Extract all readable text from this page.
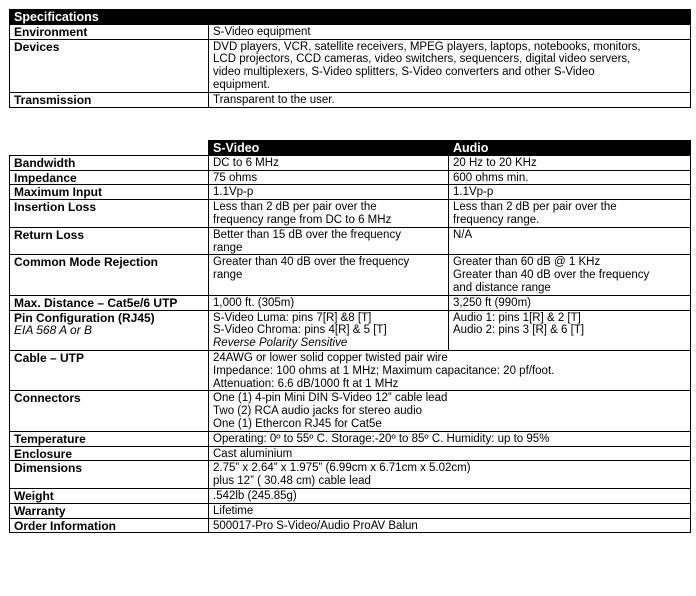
Specifications	
Environment	S-Video equipment
Devices	DVD players, VCR, satellite receivers, MPEG players, laptops, notebooks, monitors,
LCD projectors, CCD cameras, video switchers, sequencers, digital video servers,
video multiplexers, S-Video splitters, S-Video converters and other S-Video
equipment.

Transmission	Transparent to the user.
	S-Video	Audio

Bandwidth	DC to 6 MHz	20 Hz to 20 KHz

Impedance	75 ohms	600 ohms min.

Maximum Input	1.1Vp-p	1.1Vp-p

Insertion Loss	Less than 2 dB per pair over the
frequency range from DC to 6 MHz	Less than 2 dB per pair over the
frequency range.

Return Loss	Better than 15 dB over the frequency
range	N/A

Common Mode Rejection	Greater than 40 dB over the frequency
range	Greater than 60 dB @ 1 KHz
Greater than 40 dB over the frequency
and distance range

Max. Distance – Cat5e/6 UTP	1,000 ft. (305m)	3,250 ft (990m)

Pin Configuration (RJ45)
EIA 568 A or B	S-Video Luma: pins 7[R] &8 [T]
S-Video Chroma: pins 4[R] & 5 [T]
Reverse Polarity Sensitive	Audio 1: pins 1[R] & 2 [T]
Audio 2: pins 3 [R] & 6 [T]

Cable – UTP	24AWG or lower solid copper twisted pair wire
Impedance: 100 ohms at 1 MHz; Maximum capacitance: 20 pf/foot.
Attenuation: 6.6 dB/1000 ft at 1 MHz	

Connectors	One (1) 4-pin Mini DIN S-Video 12” cable lead
Two (2) RCA audio jacks for stereo audio
One (1) Ethercon RJ45 for Cat5e	

Temperature	Operating: 0º to 55º C. Storage:-20º to 85º C. Humidity: up to 95%	

Enclosure	Cast aluminium	

Dimensions	2.75” x 2.64” x 1.975” (6.99cm x 6.71cm x 5.02cm)
plus 12” ( 30.48 cm) cable lead	

Weight	.542lb (245.85g)	

Warranty	Lifetime	

Order Information	500017-Pro S-Video/Audio ProAV Balun	
